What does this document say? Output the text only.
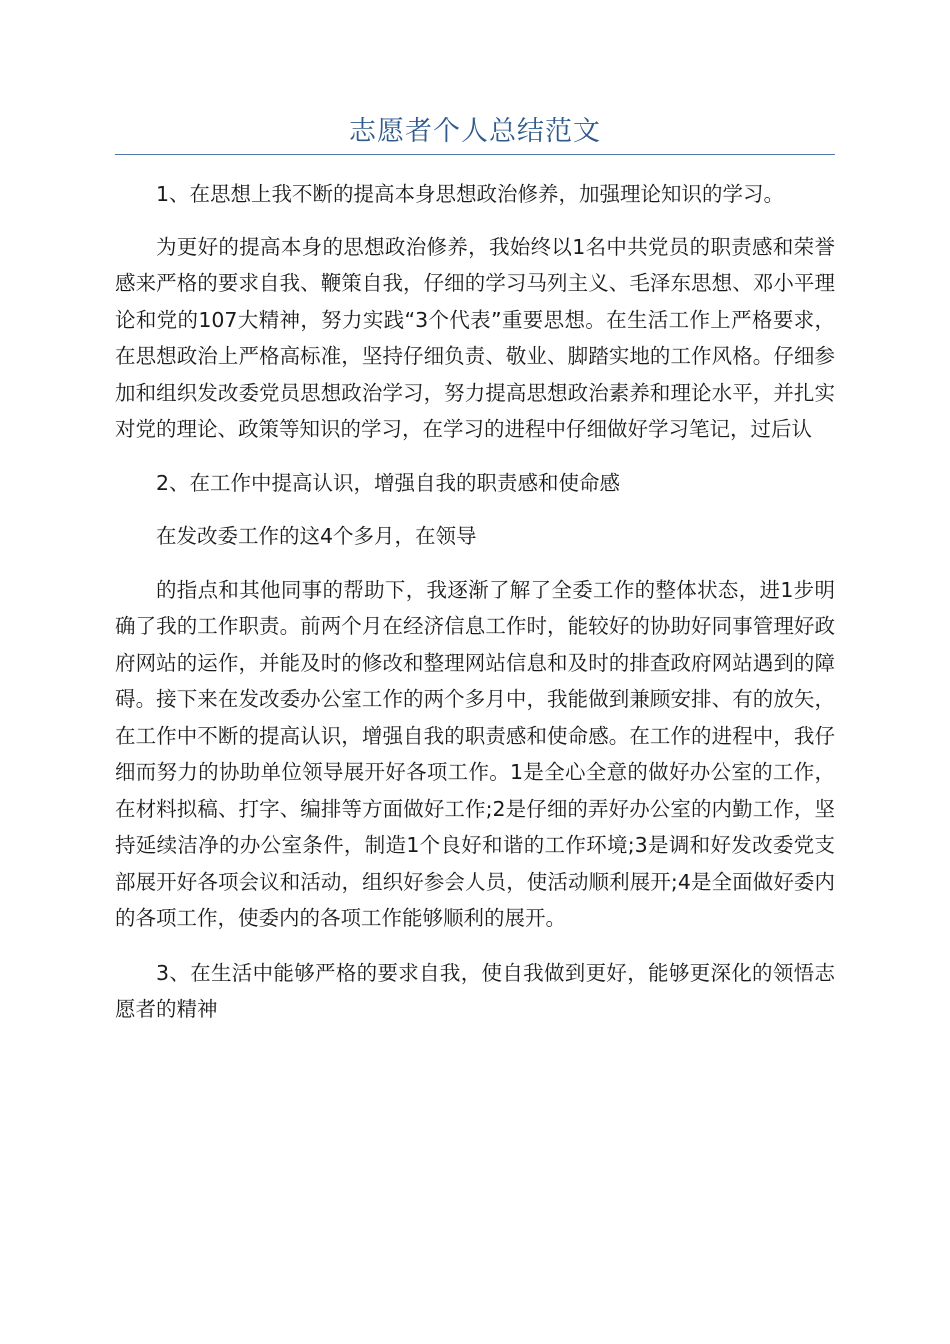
志愿者个人总结范文

1、在思想上我不断的提高本身思想政治修养，加强理论知识的学习。

为更好的提高本身的思想政治修养，我始终以1名中共党员的职责感和荣誉感来严格的要求自我、鞭策自我，仔细的学习马列主义、毛泽东思想、邓小平理论和党的107大精神，努力实践“3个代表”重要思想。在生活工作上严格要求，在思想政治上严格高标准，坚持仔细负责、敬业、脚踏实地的工作风格。仔细参加和组织发改委党员思想政治学习，努力提高思想政治素养和理论水平，并扎实对党的理论、政策等知识的学习，在学习的进程中仔细做好学习笔记，过后认

2、在工作中提高认识，增强自我的职责感和使命感

在发改委工作的这4个多月，在领导

的指点和其他同事的帮助下，我逐渐了解了全委工作的整体状态，进1步明确了我的工作职责。前两个月在经济信息工作时，能较好的协助好同事管理好政府网站的运作，并能及时的修改和整理网站信息和及时的排查政府网站遇到的障碍。接下来在发改委办公室工作的两个多月中，我能做到兼顾安排、有的放矢，在工作中不断的提高认识，增强自我的职责感和使命感。在工作的进程中，我仔细而努力的协助单位领导展开好各项工作。1是全心全意的做好办公室的工作，在材料拟稿、打字、编排等方面做好工作;2是仔细的弄好办公室的内勤工作，坚持延续洁净的办公室条件，制造1个良好和谐的工作环境;3是调和好发改委党支部展开好各项会议和活动，组织好参会人员，使活动顺利展开;4是全面做好委内的各项工作，使委内的各项工作能够顺利的展开。

3、在生活中能够严格的要求自我，使自我做到更好，能够更深化的领悟志愿者的精神
